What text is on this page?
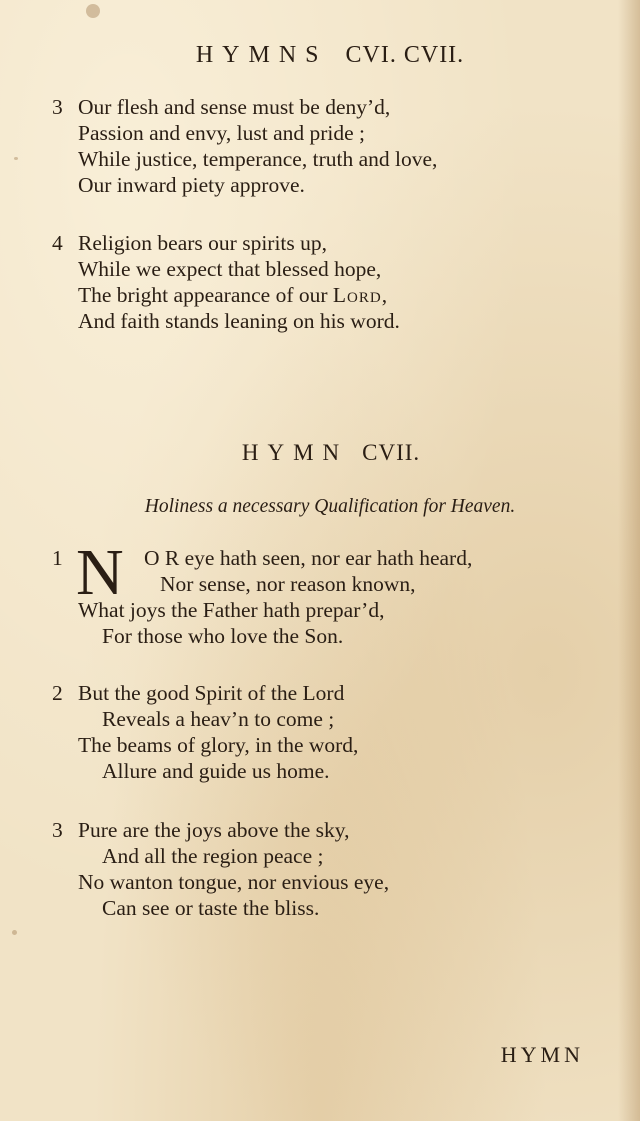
HYMNS CVI. CVII.
3 Our flesh and sense must be deny’d,
Passion and envy, lust and pride ;
While justice, temperance, truth and love,
Our inward piety approve.
4 Religion bears our spirits up,
While we expect that blessed hope,
The bright appearance of our Lord,
And faith stands leaning on his word.
HYMN CVII.
Holiness a necessary Qualification for Heaven.
N
1	O R eye hath seen, nor ear hath heard,
Nor sense, nor reason known,
What joys the Father hath prepar’d,
For those who love the Son.
2 But the good Spirit of the Lord
Reveals a heav’n to come ;
The beams of glory, in the word,
Allure and guide us home.
3 Pure are the joys above the sky,
And all the region peace ;
No wanton tongue, nor envious eye,
Can see or taste the bliss.
HYMN
